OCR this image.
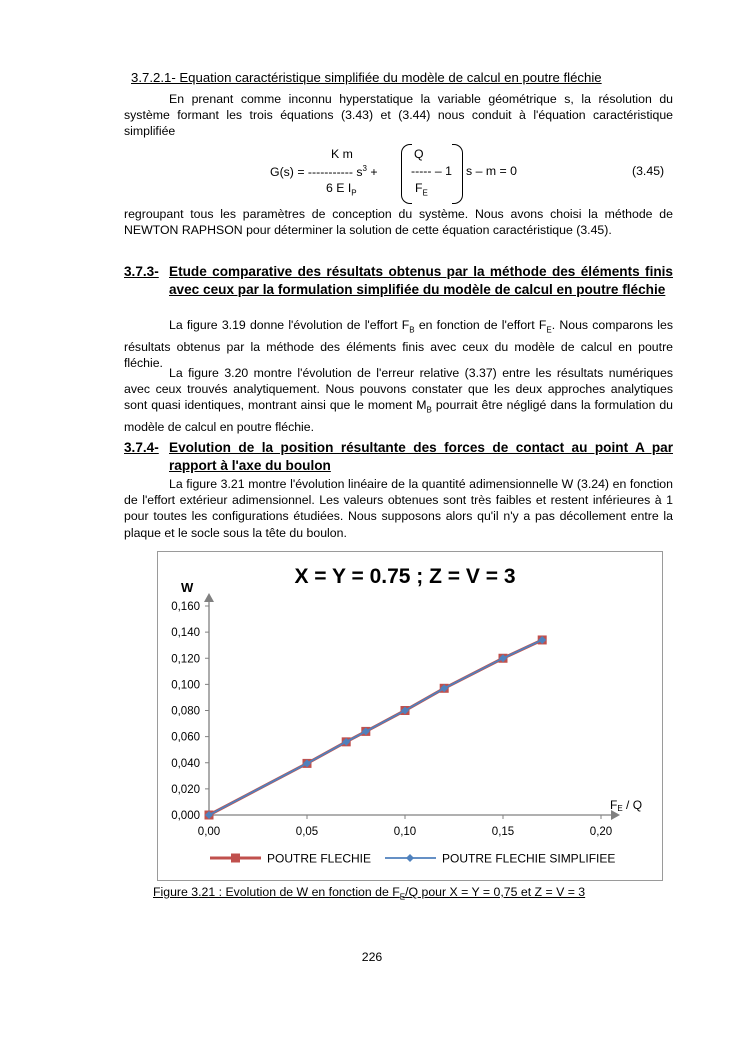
3.7.2.1- Equation caractéristique simplifiée du modèle de calcul en poutre fléchie

En prenant comme inconnu hyperstatique la variable géométrique s, la résolution du système formant les trois équations (3.43) et (3.44) nous conduit à l'équation caractéristique simplifiée

K m
G(s) = ----------- $s^3$ +
6 E $I_P$
Q
----- – 1
$F_E$
s – m = 0	(3.45)

regroupant tous les paramètres de conception du système. Nous avons choisi la méthode de NEWTON RAPHSON pour déterminer la solution de cette équation caractéristique (3.45).

3.7.3- Etude comparative des résultats obtenus par la méthode des éléments finis avec ceux par la formulation simplifiée du modèle de calcul en poutre fléchie

La figure 3.19 donne l'évolution de l'effort $F_B$ en fonction de l'effort $F_E$. Nous comparons les résultats obtenus par la méthode des éléments finis avec ceux du modèle de calcul en poutre fléchie.

La figure 3.20 montre l'évolution de l'erreur relative (3.37) entre les résultats numériques avec ceux trouvés analytiquement. Nous pouvons constater que les deux approches analytiques sont quasi identiques, montrant ainsi que le moment $M_B$ pourrait être négligé dans la formulation du modèle de calcul en poutre fléchie.

3.7.4- Evolution de la position résultante des forces de contact au point A par rapport à l'axe du boulon

La figure 3.21 montre l'évolution linéaire de la quantité adimensionnelle W (3.24) en fonction de l'effort extérieur adimensionnel. Les valeurs obtenues sont très faibles et restent inférieures à 1 pour toutes les configurations étudiées. Nous supposons alors qu'il n'y a pas décollement entre la plaque et le socle sous la tête du boulon.

X = Y = 0.75 ; Z = V = 3
W
0,000
0,020
0,040
0,060
0,080
0,100
0,120
0,140
0,160
0,00	0,05	0,10	0,15	0,20
FE / Q
POUTRE FLECHIE	POUTRE FLECHIE SIMPLIFIEE
Figure 3.21 : Evolution de W en fonction de $F_E/Q$ pour X = Y = 0,75 et Z = V = 3
226
